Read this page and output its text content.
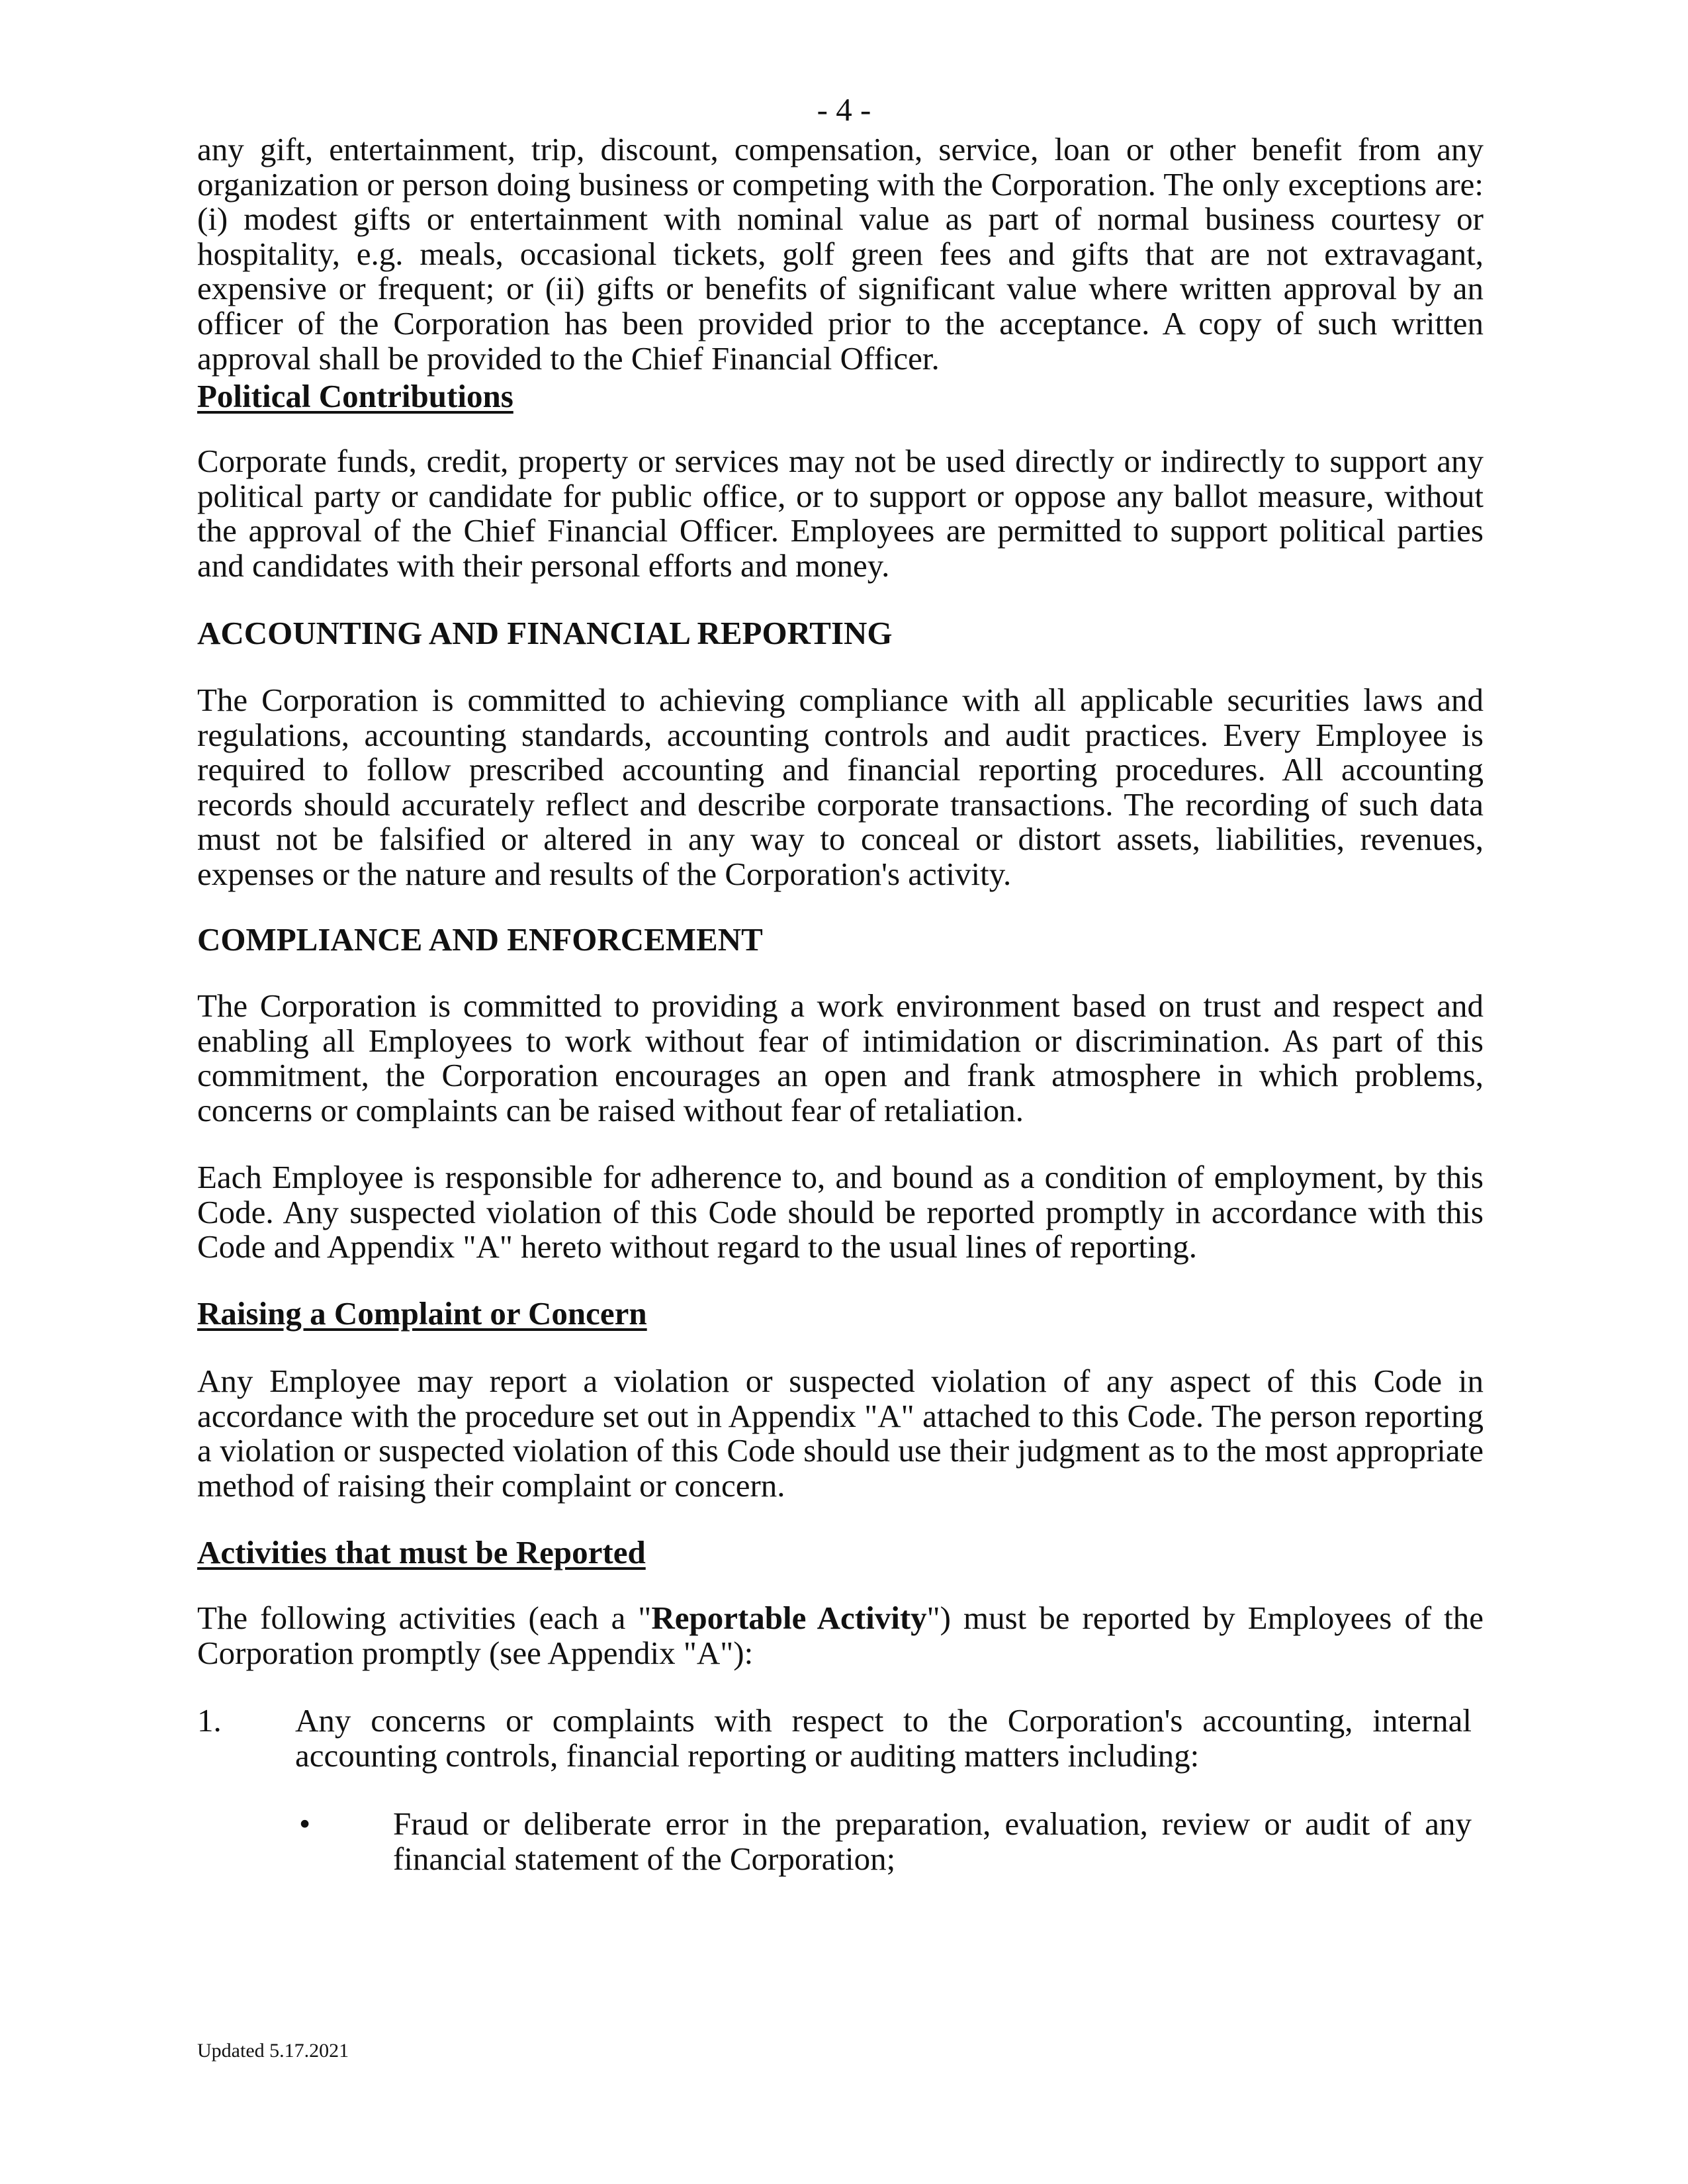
- 4 -

any gift, entertainment, trip, discount, compensation, service, loan or other benefit from any organization or person doing business or competing with the Corporation. The only exceptions are: (i) modest gifts or entertainment with nominal value as part of normal business courtesy or hospitality, e.g. meals, occasional tickets, golf green fees and gifts that are not extravagant, expensive or frequent; or (ii) gifts or benefits of significant value where written approval by an officer of the Corporation has been provided prior to the acceptance. A copy of such written approval shall be provided to the Chief Financial Officer.

Political Contributions

Corporate funds, credit, property or services may not be used directly or indirectly to support any political party or candidate for public office, or to support or oppose any ballot measure, without the approval of the Chief Financial Officer. Employees are permitted to support political parties and candidates with their personal efforts and money.

ACCOUNTING AND FINANCIAL REPORTING

The Corporation is committed to achieving compliance with all applicable securities laws and regulations, accounting standards, accounting controls and audit practices. Every Employee is required to follow prescribed accounting and financial reporting procedures. All accounting records should accurately reflect and describe corporate transactions. The recording of such data must not be falsified or altered in any way to conceal or distort assets, liabilities, revenues, expenses or the nature and results of the Corporation's activity.

COMPLIANCE AND ENFORCEMENT

The Corporation is committed to providing a work environment based on trust and respect and enabling all Employees to work without fear of intimidation or discrimination. As part of this commitment, the Corporation encourages an open and frank atmosphere in which problems, concerns or complaints can be raised without fear of retaliation.

Each Employee is responsible for adherence to, and bound as a condition of employment, by this Code. Any suspected violation of this Code should be reported promptly in accordance with this Code and Appendix "A" hereto without regard to the usual lines of reporting.

Raising a Complaint or Concern

Any Employee may report a violation or suspected violation of any aspect of this Code in accordance with the procedure set out in Appendix "A" attached to this Code. The person reporting a violation or suspected violation of this Code should use their judgment as to the most appropriate method of raising their complaint or concern.

Activities that must be Reported

The following activities (each a "Reportable Activity") must be reported by Employees of the Corporation promptly (see Appendix "A"):

1. Any concerns or complaints with respect to the Corporation's accounting, internal accounting controls, financial reporting or auditing matters including:
•	Fraud or deliberate error in the preparation, evaluation, review or audit of any financial statement of the Corporation;
Updated 5.17.2021
